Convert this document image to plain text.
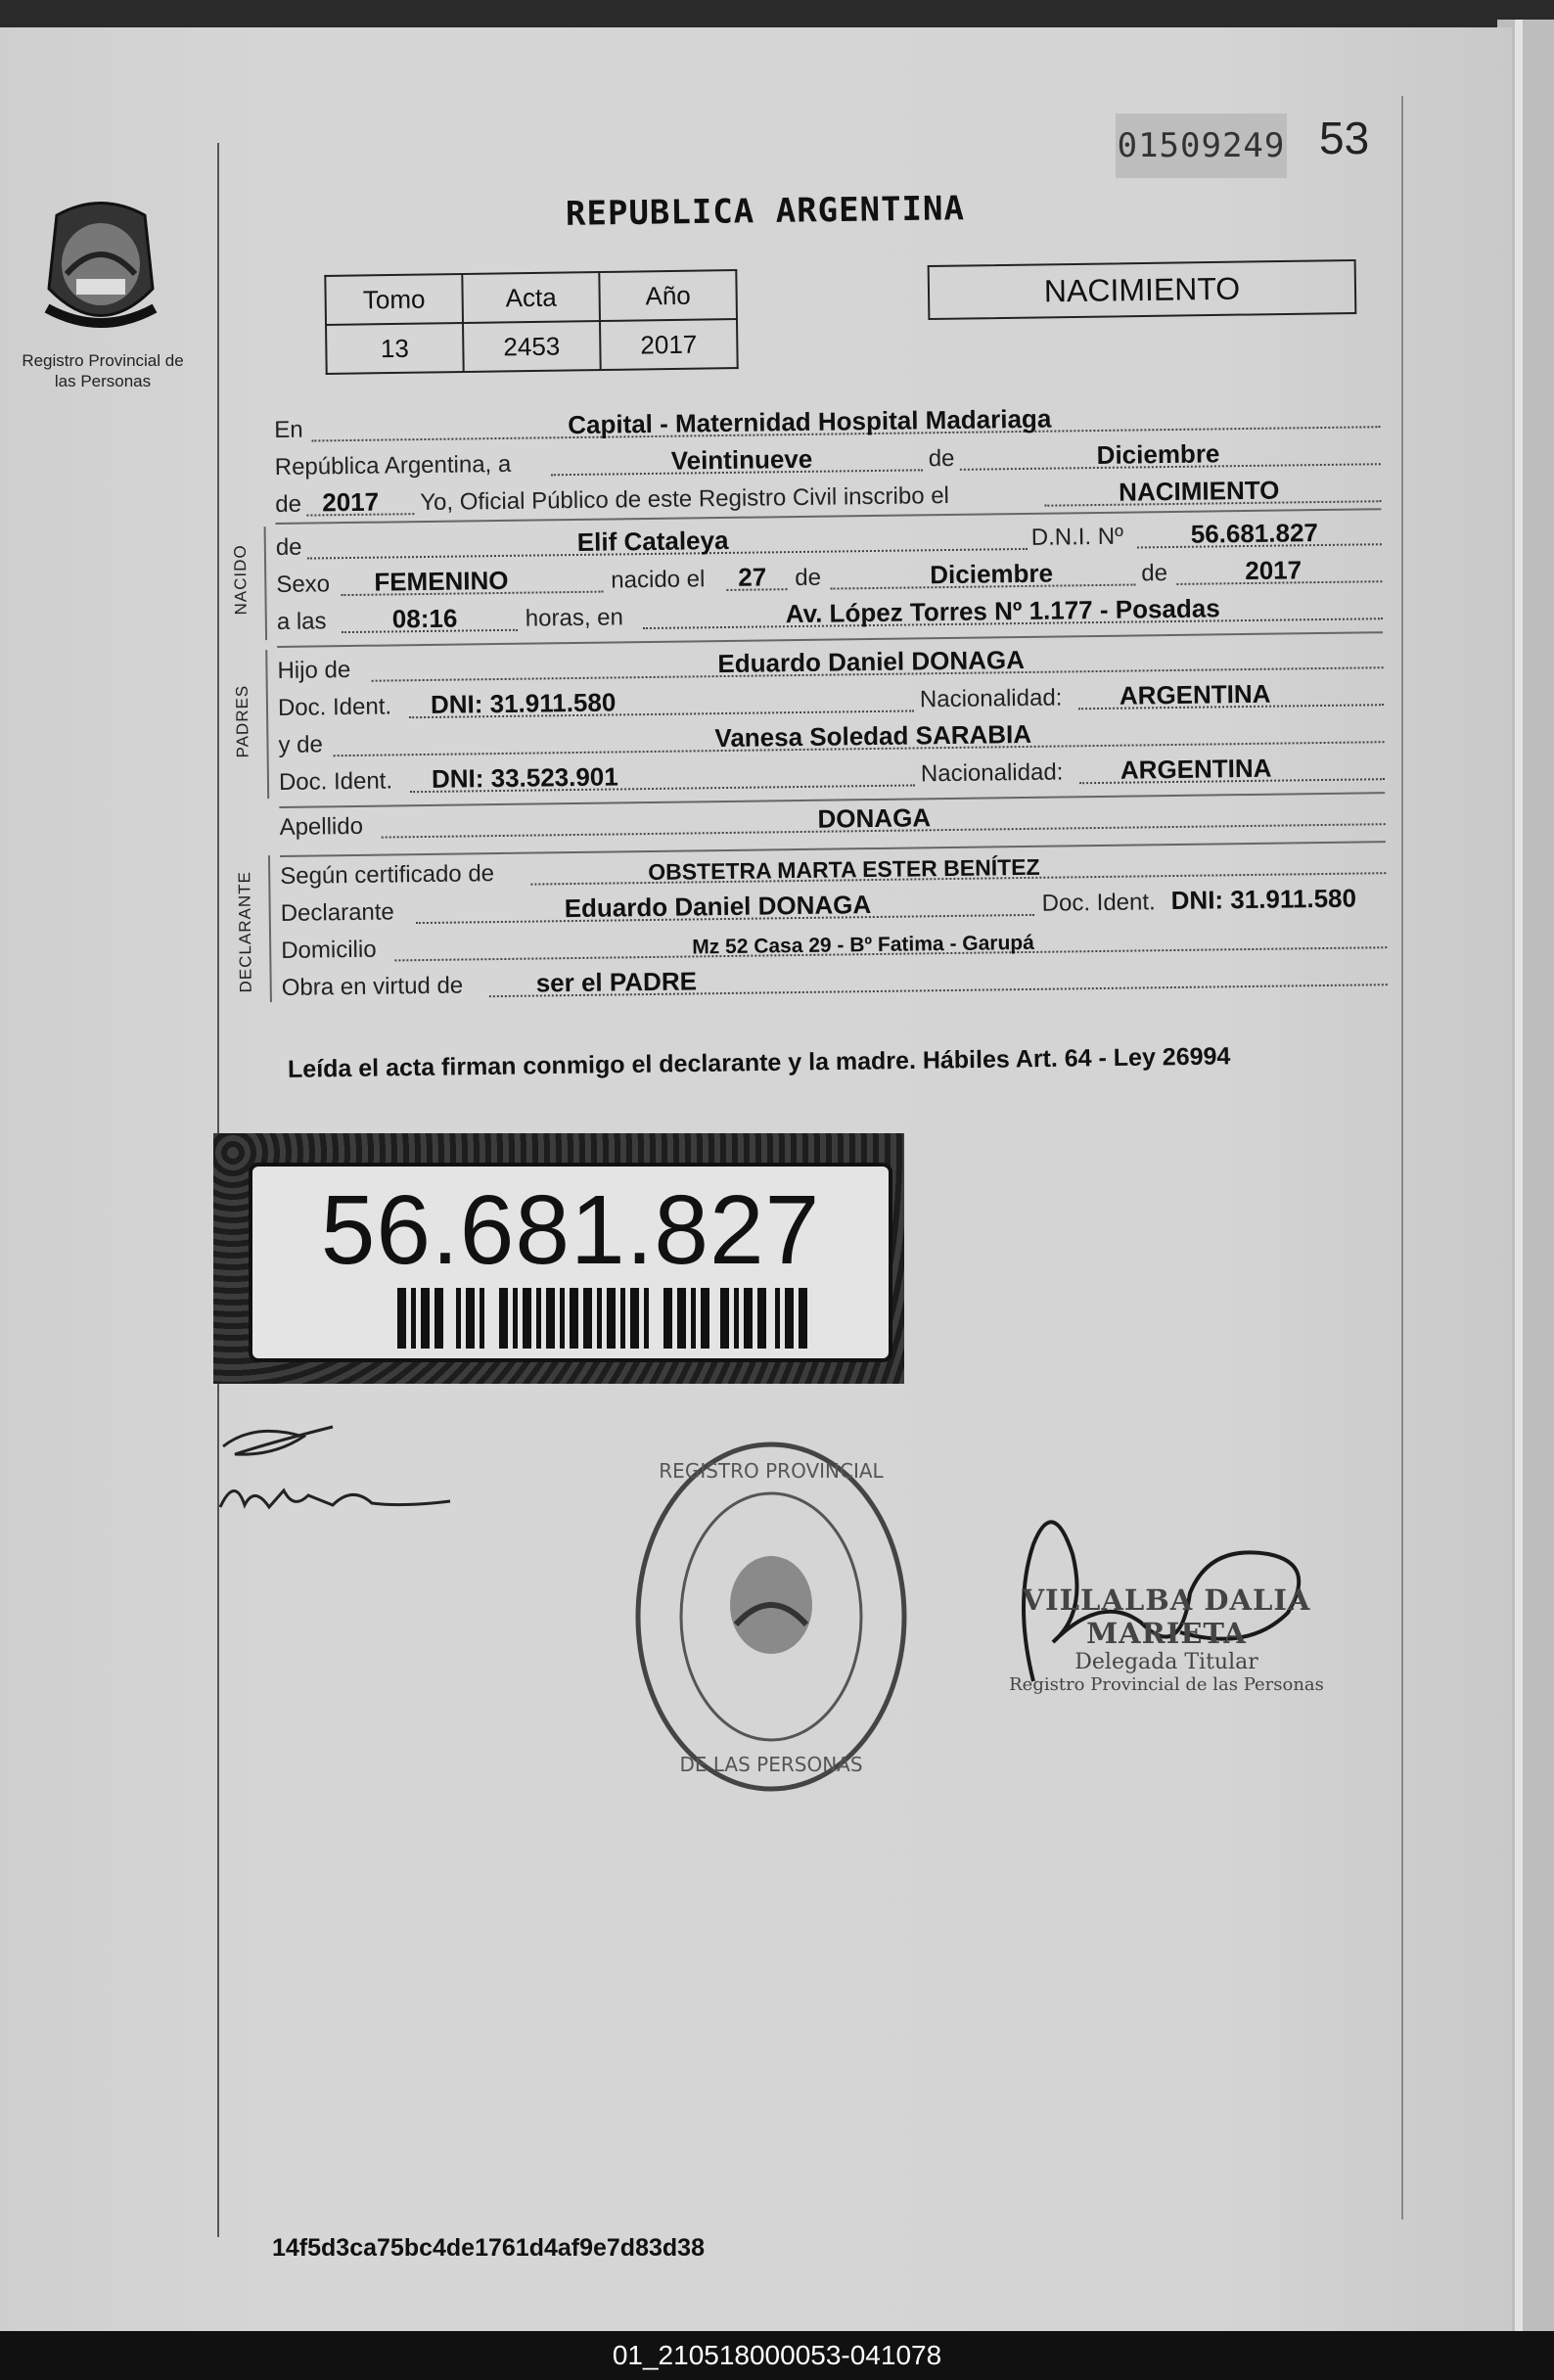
Registro Provincial de las Personas
01509249 53
REPUBLICA ARGENTINA
Tomo	Acta	Año
13	2453	2017
NACIMIENTO
En	Capital - Maternidad Hospital Madariaga
República Argentina, a	Veintinueve	de	Diciembre
de 2017 Yo, Oficial Público de este Registro Civil inscribo el	NACIMIENTO
NACIDO de	Elif Cataleya	D.N.I. Nº	56.681.827
Sexo FEMENINO	nacido el 27 de	Diciembre	de	2017
a las	08:16	horas, en	Av. López Torres Nº 1.177 - Posadas
PADRES
Hijo de	Eduardo Daniel DONAGA
Doc. Ident. DNI: 31.911.580	Nacionalidad: ARGENTINA
y de	Vanesa Soledad SARABIA
Doc. Ident. DNI: 33.523.901	Nacionalidad: ARGENTINA
Apellido	DONAGA
DECLARANTE Según certificado de	OBSTETRA MARTA ESTER BENÍTEZ
Declarante	Eduardo Daniel DONAGA	Doc. Ident. DNI: 31.911.580
Domicilio	Mz 52 Casa 29 - Bº Fatima - Garupá
Obra en virtud de	ser el PADRE
Leída el acta firman conmigo el declarante y la madre. Hábiles Art. 64 - Ley 26994
56.681.827
REGISTRO PROVINCIAL
DE LAS PERSONAS
VILLALBA DALIA MARIETA
Delegada Titular
Registro Provincial de las Personas
14f5d3ca75bc4de1761d4af9e7d83d38
01_210518000053-041078
